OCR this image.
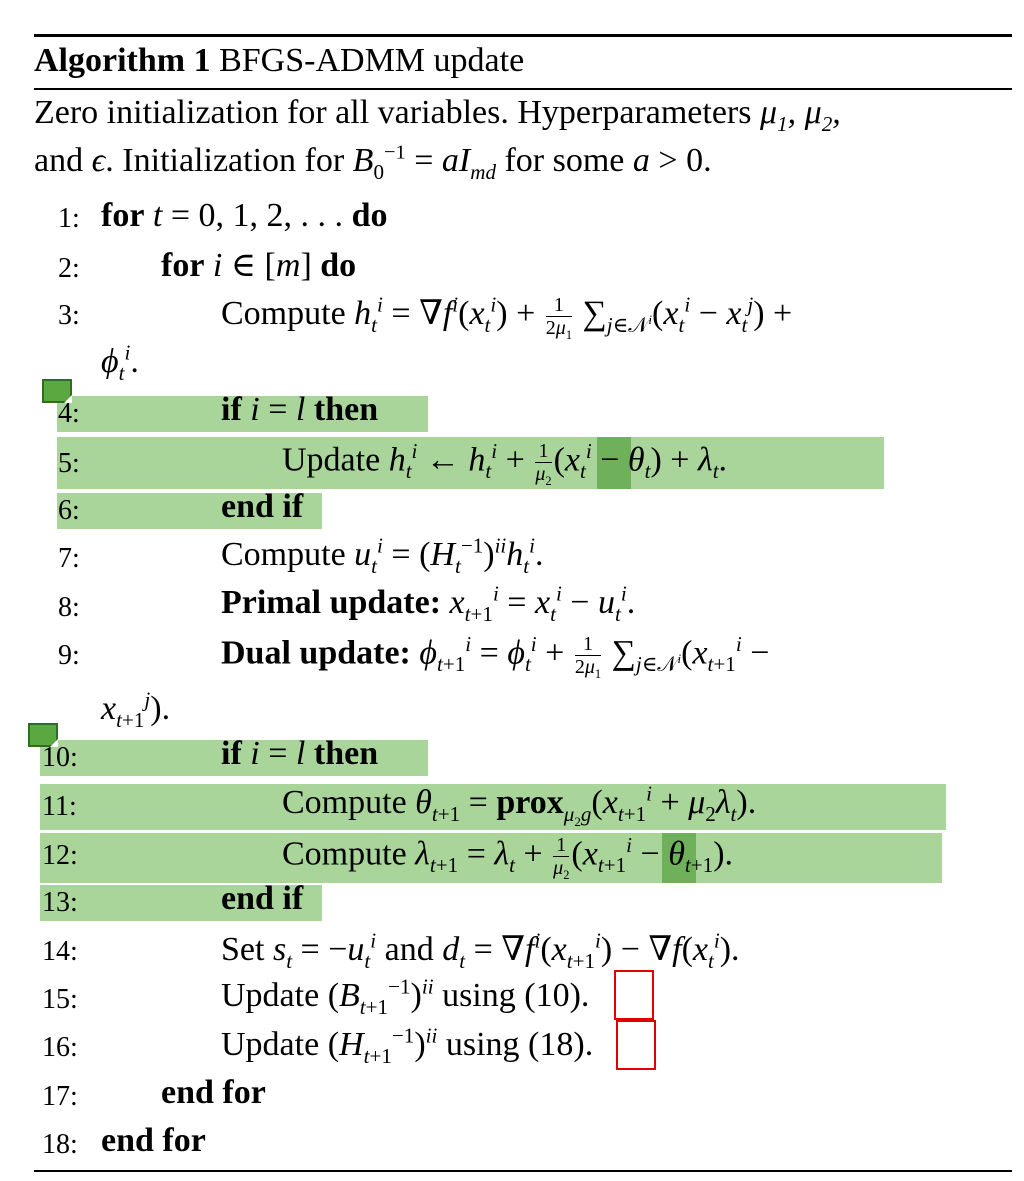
Algorithm 1 BFGS-ADMM update
Zero initialization for all variables. Hyperparameters $\mu_1$, $\mu_2$,
and ϵ. Initialization for $B_0^{-1} = aI_{md}$ for some a > 0.
1:
2:
3:
4:
5:
6:
7:
8:
9:
10:
11:
12:
13:
14:
15:
16:
17:
18:
for t = 0, 1, 2, . . . do
for i ∈ [m] do
Compute $h_t^i = \nabla f^i(x_t^i) + \frac{1}{2\mu_1} \sum_{j\in 𝒩^i}(x_t^i - x_t^j)$ +
$\phi_t^i$.
if i = l then
Update $h_t^i$ ← $h_t^i + \frac{1}{\mu_2} (x_t^i - \theta_t) + \lambda_t$.
end if
Compute $u_t^i = (H_t^{-1})^{ii}h_t^i$.
Primal update: $x_{t+1}^i = x_t^i - u_t^i$.
Dual update: $\phi_{t+1}^i = \phi_t^i + \frac{1}{2\mu_1} \sum_{j\in 𝒩^i}(x_{t+1}^i$ −
$x_{t+1}^j$).
if i = l then
Compute $\theta_{t+1}$ = $prox_{\mu_2g}(x_{t+1}^i + \mu_2\lambda_t)$.
Compute $\lambda_{t+1} = \lambda_t + \frac{1}{\mu_2} (x_{t+1}^i - \theta_{t+1})$.
end if
Set $s_t = -u_t^i$ and $d_t = \nabla f^i(x_{t+1}^i) - \nabla f(x_t^i)$.
Update $(B_{t+1}^{-1})^{ii}$ using (10).
Update $(H_{t+1}^{-1})^{ii}$ using (18).
end for
end for
